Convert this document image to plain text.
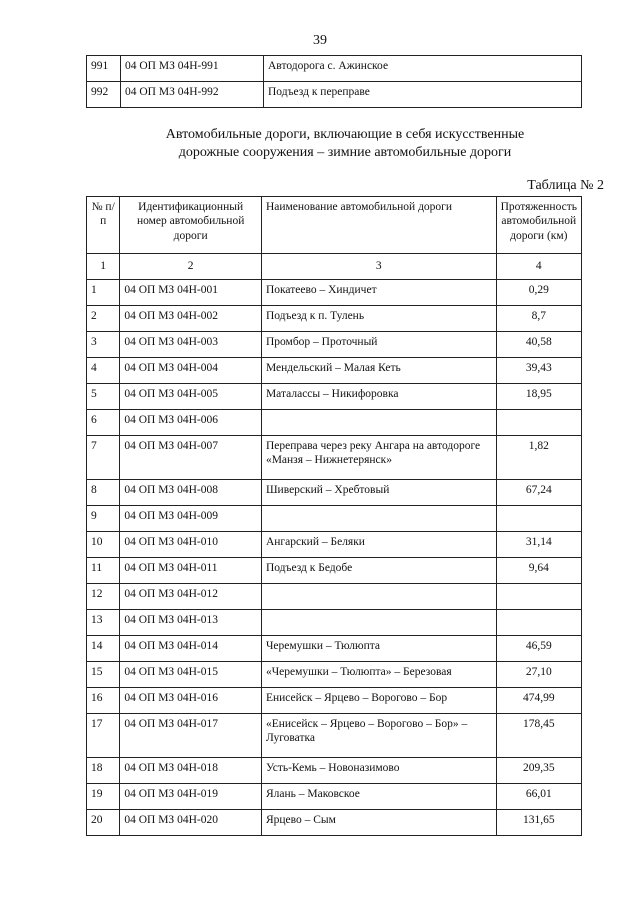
39
991	04 ОП МЗ 04Н-991	Автодорога с. Ажинское
992	04 ОП МЗ 04Н-992	Подъезд к переправе
Автомобильные дороги, включающие в себя искусственные
дорожные сооружения – зимние автомобильные дороги
Таблица № 2
№ п/п	Идентификационный номер автомобильной дороги	Наименование автомобильной дороги	Протяженность автомобильной дороги (км)
1	2	3	4
1	04 ОП МЗ 04Н-001	Покатеево – Хиндичет	0,29
2	04 ОП МЗ 04Н-002	Подъезд к п. Тулень	8,7
3	04 ОП МЗ 04Н-003	Промбор – Проточный	40,58
4	04 ОП МЗ 04Н-004	Мендельский – Малая Кеть	39,43
5	04 ОП МЗ 04Н-005	Маталассы – Никифоровка	18,95
6	04 ОП МЗ 04Н-006		
7	04 ОП МЗ 04Н-007	Переправа через реку Ангара на автодороге «Манзя – Нижнетерянск»	1,82
8	04 ОП МЗ 04Н-008	Шиверский – Хребтовый	67,24
9	04 ОП МЗ 04Н-009		
10	04 ОП МЗ 04Н-010	Ангарский – Беляки	31,14
11	04 ОП МЗ 04Н-011	Подъезд к Бедобе	9,64
12	04 ОП МЗ 04Н-012		
13	04 ОП МЗ 04Н-013		
14	04 ОП МЗ 04Н-014	Черемушки – Тюлюпта	46,59
15	04 ОП МЗ 04Н-015	«Черемушки – Тюлюпта» – Березовая	27,10
16	04 ОП МЗ 04Н-016	Енисейск – Ярцево – Ворогово – Бор	474,99
17	04 ОП МЗ 04Н-017	«Енисейск – Ярцево – Ворогово – Бор» – Луговатка	178,45
18	04 ОП МЗ 04Н-018	Усть-Кемь – Новоназимово	209,35
19	04 ОП МЗ 04Н-019	Ялань – Маковское	66,01
20	04 ОП МЗ 04Н-020	Ярцево – Сым	131,65
